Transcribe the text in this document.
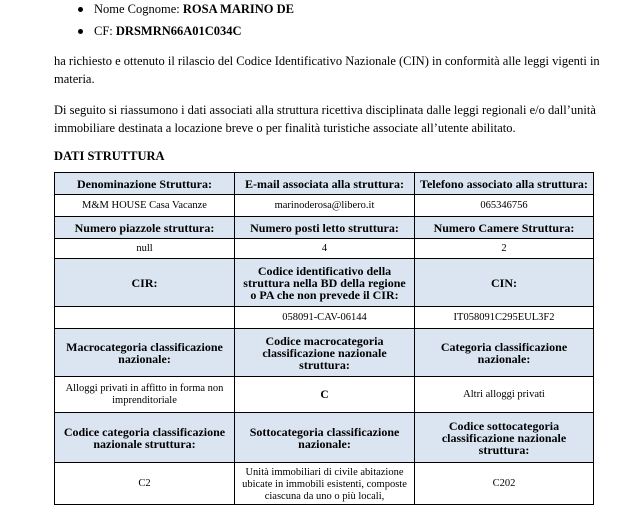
Nome Cognome: ROSA MARINO DE
CF: DRSMRN66A01C034C

ha richiesto e ottenuto il rilascio del Codice Identificativo Nazionale (CIN) in conformità alle leggi vigenti in materia.

Di seguito si riassumono i dati associati alla struttura ricettiva disciplinata dalle leggi regionali e/o dall’unità immobiliare destinata a locazione breve o per finalità turistiche associate all’utente abilitato.

DATI STRUTTURA

Denominazione Struttura:	E-mail associata alla struttura:	Telefono associato alla struttura:
M&M HOUSE Casa Vacanze	marinoderosa@libero.it	065346756
Numero piazzole struttura:	Numero posti letto struttura:	Numero Camere Struttura:
null	4	2
CIR:	Codice identificativo della struttura nella BD della regione o PA che non prevede il CIR:	CIN:
	058091-CAV-06144	IT058091C295EUL3F2
Macrocategoria classificazione nazionale:	Codice macrocategoria classificazione nazionale struttura:	Categoria classificazione nazionale:
Alloggi privati in affitto in forma non imprenditoriale	C	Altri alloggi privati
Codice categoria classificazione nazionale struttura:	Sottocategoria classificazione nazionale:	Codice sottocategoria classificazione nazionale struttura:
C2	Unità immobiliari di civile abitazione ubicate in immobili esistenti, composte ciascuna da uno o più locali,	C202
